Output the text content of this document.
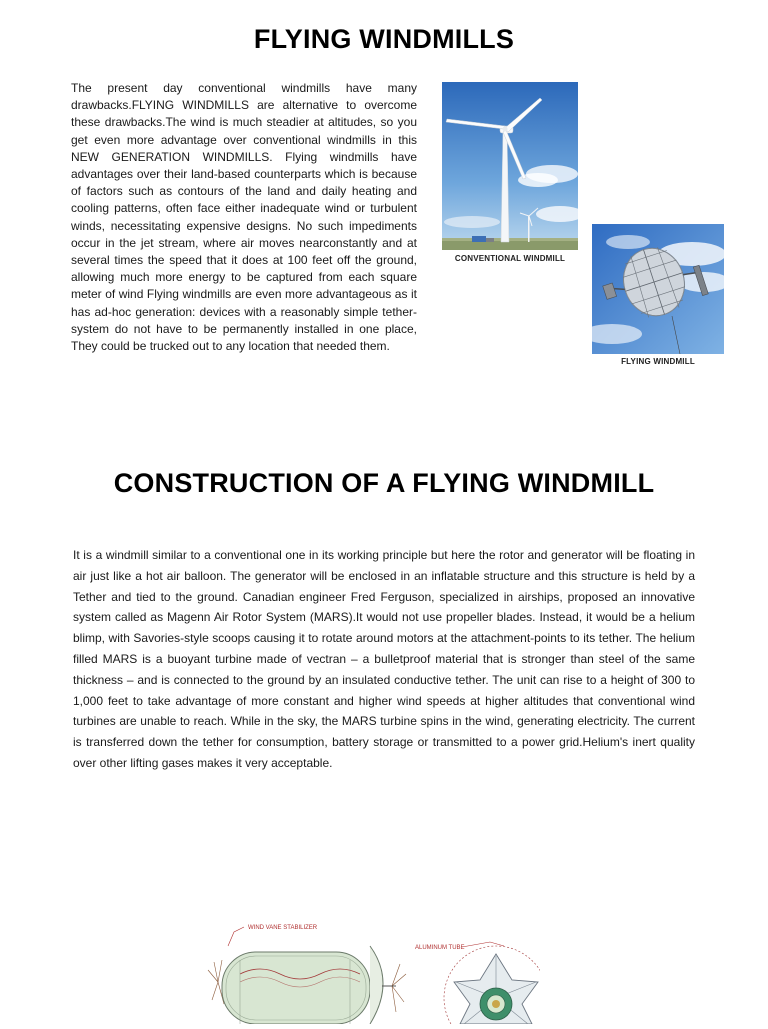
FLYING WINDMILLS
The present day conventional windmills have many drawbacks.FLYING WINDMILLS are alternative to overcome these drawbacks.The wind is much steadier at altitudes, so you get even more advantage over conventional windmills in this NEW GENERATION WINDMILLS. Flying windmills have advantages over their land-based counterparts which is because of factors such as contours of the land and daily heating and cooling patterns, often face either inadequate wind or turbulent winds, necessitating expensive designs. No such impediments occur in the jet stream, where air moves nearconstantly and at several times the speed that it does at 100 feet off the ground, allowing much more energy to be captured from each square meter of wind Flying windmills are even more advantageous as it has ad-hoc generation: devices with a reasonably simple tether-system do not have to be permanently installed in one place, They could be trucked out to any location that needed them.
CONVENTIONAL WINDMILL
FLYING WINDMILL
CONSTRUCTION OF A FLYING WINDMILL
It is a windmill similar to a conventional one in its working principle but here the rotor and generator will be floating in air just like a hot air balloon. The generator will be enclosed in an inflatable structure and this structure is held by a Tether and tied to the ground. Canadian engineer Fred Ferguson, specialized in airships, proposed an innovative system called as Magenn Air Rotor System (MARS).It would not use propeller blades. Instead, it would be a helium blimp, with Savories-style scoops causing it to rotate around motors at the attachment-points to its tether. The helium filled MARS is a buoyant turbine made of vectran – a bulletproof material that is stronger than steel of the same thickness – and is connected to the ground by an insulated conductive tether. The unit can rise to a height of 300 to 1,000 feet to take advantage of more constant and higher wind speeds at higher altitudes that conventional wind turbines are unable to reach. While in the sky, the MARS turbine spins in the wind, generating electricity. The current is transferred down the tether for consumption, battery storage or transmitted to a power grid.Helium's inert quality over other lifting gases makes it very acceptable.
WIND VANE STABILIZER
ALUMINUM TUBE
